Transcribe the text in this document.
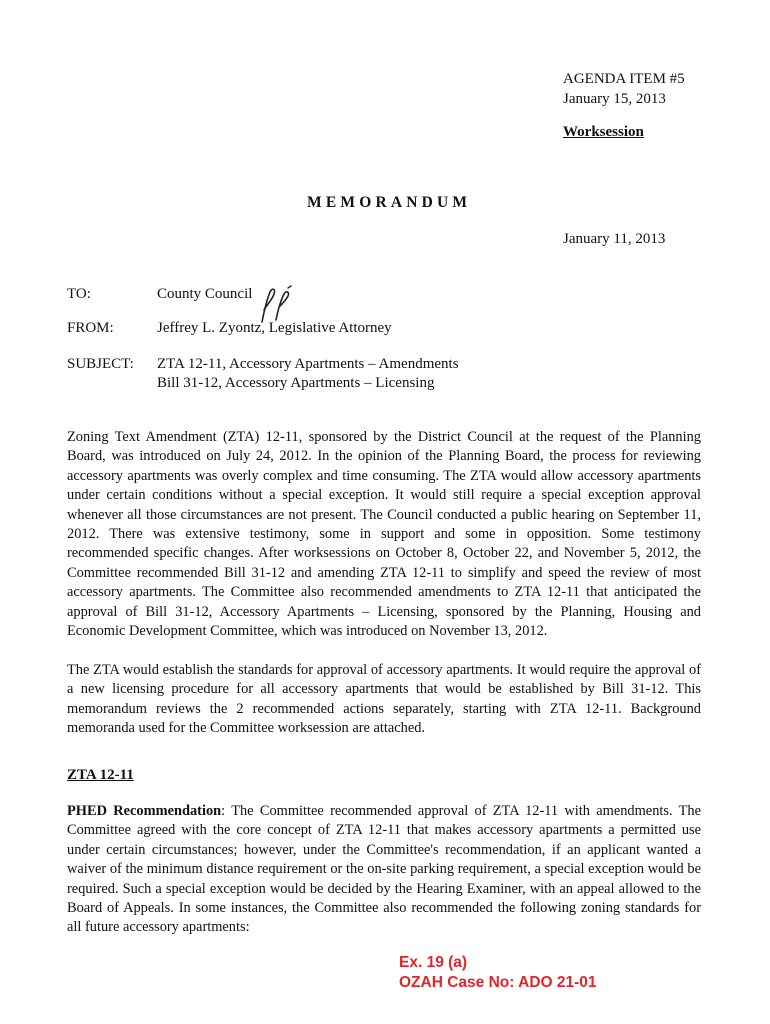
AGENDA ITEM #5
January 15, 2013
Worksession
MEMORANDUM
January 11, 2013
TO:	County Council
FROM:	Jeffrey L. Zyontz, Legislative Attorney
SUBJECT:	ZTA 12-11, Accessory Apartments – Amendments
Bill 31-12, Accessory Apartments – Licensing
Zoning Text Amendment (ZTA) 12-11, sponsored by the District Council at the request of the Planning Board, was introduced on July 24, 2012. In the opinion of the Planning Board, the process for reviewing accessory apartments was overly complex and time consuming. The ZTA would allow accessory apartments under certain conditions without a special exception. It would still require a special exception approval whenever all those circumstances are not present. The Council conducted a public hearing on September 11, 2012. There was extensive testimony, some in support and some in opposition. Some testimony recommended specific changes. After worksessions on October 8, October 22, and November 5, 2012, the Committee recommended Bill 31-12 and amending ZTA 12-11 to simplify and speed the review of most accessory apartments. The Committee also recommended amendments to ZTA 12-11 that anticipated the approval of Bill 31-12, Accessory Apartments – Licensing, sponsored by the Planning, Housing and Economic Development Committee, which was introduced on November 13, 2012.
The ZTA would establish the standards for approval of accessory apartments. It would require the approval of a new licensing procedure for all accessory apartments that would be established by Bill 31-12. This memorandum reviews the 2 recommended actions separately, starting with ZTA 12-11. Background memoranda used for the Committee worksession are attached.
ZTA 12-11
PHED Recommendation: The Committee recommended approval of ZTA 12-11 with amendments. The Committee agreed with the core concept of ZTA 12-11 that makes accessory apartments a permitted use under certain circumstances; however, under the Committee's recommendation, if an applicant wanted a waiver of the minimum distance requirement or the on-site parking requirement, a special exception would be required. Such a special exception would be decided by the Hearing Examiner, with an appeal allowed to the Board of Appeals. In some instances, the Committee also recommended the following zoning standards for all future accessory apartments:
Ex. 19 (a)
OZAH Case No: ADO 21-01
